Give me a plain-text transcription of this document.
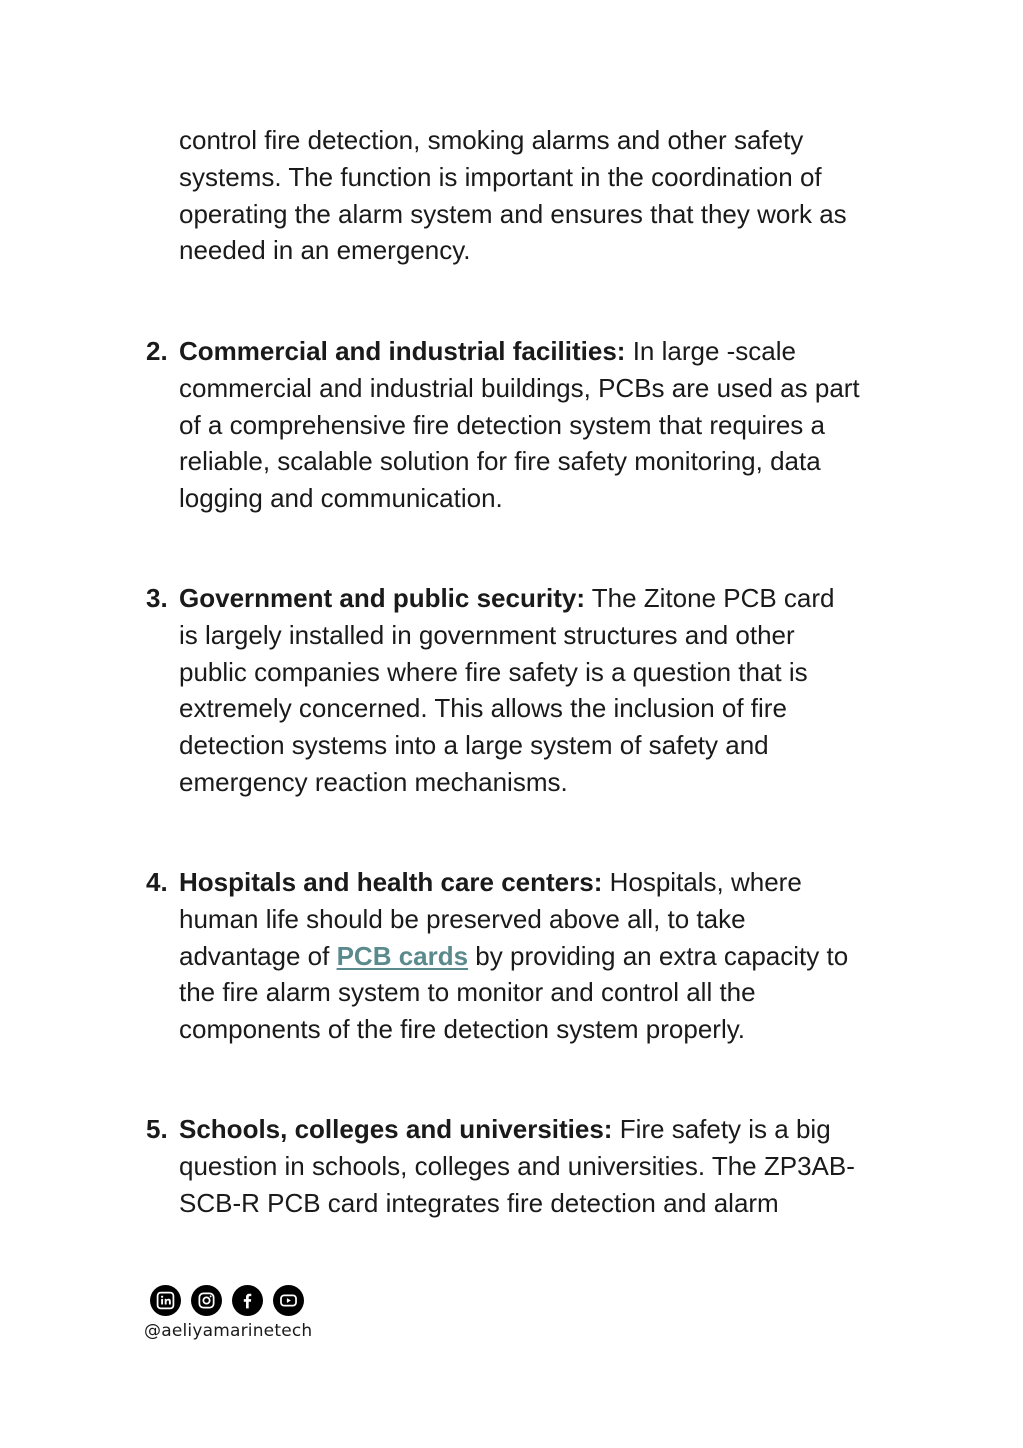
control fire detection, smoking alarms and other safety
systems. The function is important in the coordination of
operating the alarm system and ensures that they work as
needed in an emergency.

2. Commercial and industrial facilities: In large -scale
commercial and industrial buildings, PCBs are used as part
of a comprehensive fire detection system that requires a
reliable, scalable solution for fire safety monitoring, data
logging and communication.
3. Government and public security: The Zitone PCB card
is largely installed in government structures and other
public companies where fire safety is a question that is
extremely concerned. This allows the inclusion of fire
detection systems into a large system of safety and
emergency reaction mechanisms.
4. Hospitals and health care centers: Hospitals, where
human life should be preserved above all, to take
advantage of PCB cards by providing an extra capacity to
the fire alarm system to monitor and control all the
components of the fire detection system properly.
5. Schools, colleges and universities: Fire safety is a big
question in schools, colleges and universities. The ZP3AB-
SCB-R PCB card integrates fire detection and alarm
@aeliyamarinetech
